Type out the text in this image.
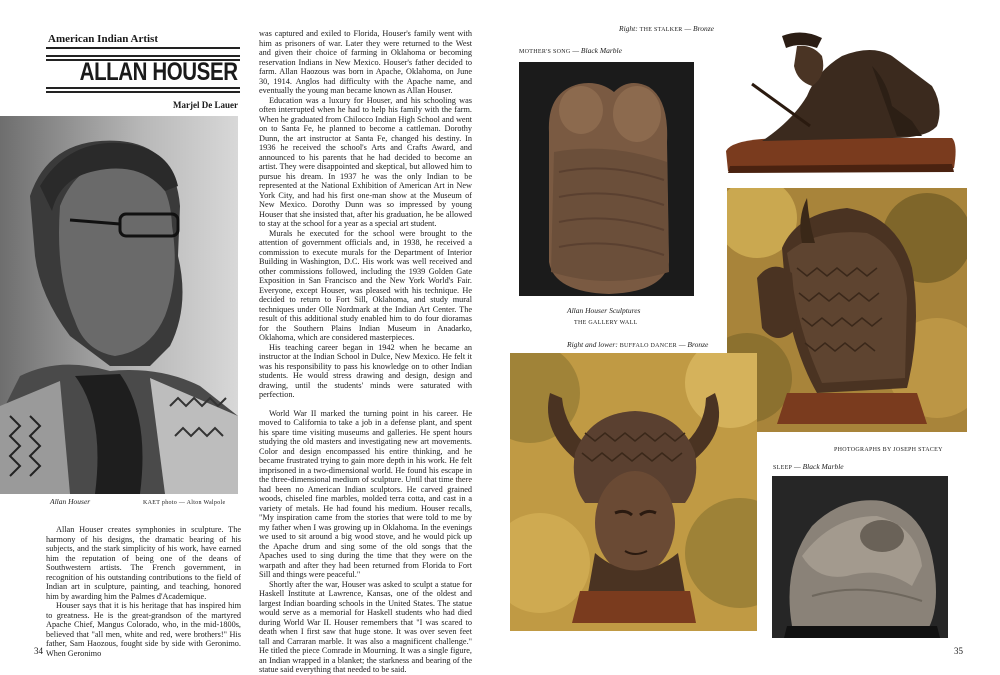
American Indian Artist
ALLAN HOUSER
Marjel De Lauer
Allan Houser	KAET photo — Alton Walpole

Allan Houser creates symphonies in sculpture. The harmony of his designs, the dramatic bearing of his subjects, and the stark simplicity of his work, have earned him the reputation of being one of the deans of Southwestern artists. The French government, in recognition of his outstanding contributions to the field of Indian art in sculpture, painting, and teaching, honored him by awarding him the Palmes d'Academique.

Houser says that it is his heritage that has inspired him to greatness. He is the great-grandson of the martyred Apache Chief, Mangus Colorado, who, in the mid-1800s, believed that "all men, white and red, were brothers!" His father, Sam Haozous, fought side by side with Geronimo. When Geronimo

was captured and exiled to Florida, Houser's family went with him as prisoners of war. Later they were returned to the West and given their choice of farming in Oklahoma or becoming reservation Indians in New Mexico. Houser's father decided to farm. Allan Haozous was born in Apache, Oklahoma, on June 30, 1914. Anglos had difficulty with the Apache name, and eventually the young man became known as Allan Houser.

Education was a luxury for Houser, and his schooling was often interrupted when he had to help his family with the farm. When he graduated from Chilocco Indian High School and went on to Santa Fe, he planned to become a cattleman. Dorothy Dunn, the art instructor at Santa Fe, changed his destiny. In 1936 he received the school's Arts and Crafts Award, and announced to his parents that he had decided to become an artist. They were disappointed and skeptical, but allowed him to pursue his dream. In 1937 he was the only Indian to be represented at the National Exhibition of American Art in New York City, and had his first one-man show at the Museum of New Mexico. Dorothy Dunn was so impressed by young Houser that she insisted that, after his graduation, he be allowed to stay at the school for a year as a special art student.

Murals he executed for the school were brought to the attention of government officials and, in 1938, he received a commission to execute murals for the Department of Interior Building in Washington, D.C. His work was well received and other commissions followed, including the 1939 Golden Gate Exposition in San Francisco and the New York World's Fair. Everyone, except Houser, was pleased with his technique. He decided to return to Fort Sill, Oklahoma, and study mural techniques under Olle Nordmark at the Indian Art Center. The result of this additional study enabled him to do four dioramas for the Southern Plains Indian Museum in Anadarko, Oklahoma, which are considered masterpieces.

His teaching career began in 1942 when he became an instructor at the Indian School in Dulce, New Mexico. He felt it was his responsibility to pass his knowledge on to other Indian students. He would stress drawing and design, design and drawing, until the students' minds were saturated with perfection.

World War II marked the turning point in his career. He moved to California to take a job in a defense plant, and spent his spare time visiting museums and galleries. He spent hours studying the old masters and investigating new art movements. Color and design encompassed his entire thinking, and he became frustrated trying to gain more depth in his work. He felt imprisoned in a two-dimensional world. He found his escape in the three-dimensional medium of sculpture. Until that time there had been no American Indian sculptors. He carved grained woods, chiseled fine marbles, molded terra cotta, and cast in a variety of metals. He had found his medium. Houser recalls, "My inspiration came from the stories that were told to me by my father when I was growing up in Oklahoma. In the evenings we used to sit around a big wood stove, and he would pick up the Apache drum and sing some of the old songs that the Apaches used to sing during the time that they were on the warpath and after they had been returned from Florida to Fort Sill and things were peaceful."

Shortly after the war, Houser was asked to sculpt a statue for Haskell Institute at Lawrence, Kansas, one of the oldest and largest Indian boarding schools in the United States. The statue would serve as a memorial for Haskell students who had died during World War II. Houser remembers that "I was scared to death when I first saw that huge stone. It was over seven feet tall and Carraran marble. It was also a magnificent challenge." He titled the piece Comrade in Mourning. It was a single figure, an Indian wrapped in a blanket; the starkness and bearing of the statue said everything that needed to be said.

34
Right: THE STALKER — Bronze
MOTHER'S SONG — Black Marble
Allan Houser Sculptures
THE GALLERY WALL
Right and lower: BUFFALO DANCER — Bronze
PHOTOGRAPHS BY JOSEPH STACEY
SLEEP — Black Marble
35
